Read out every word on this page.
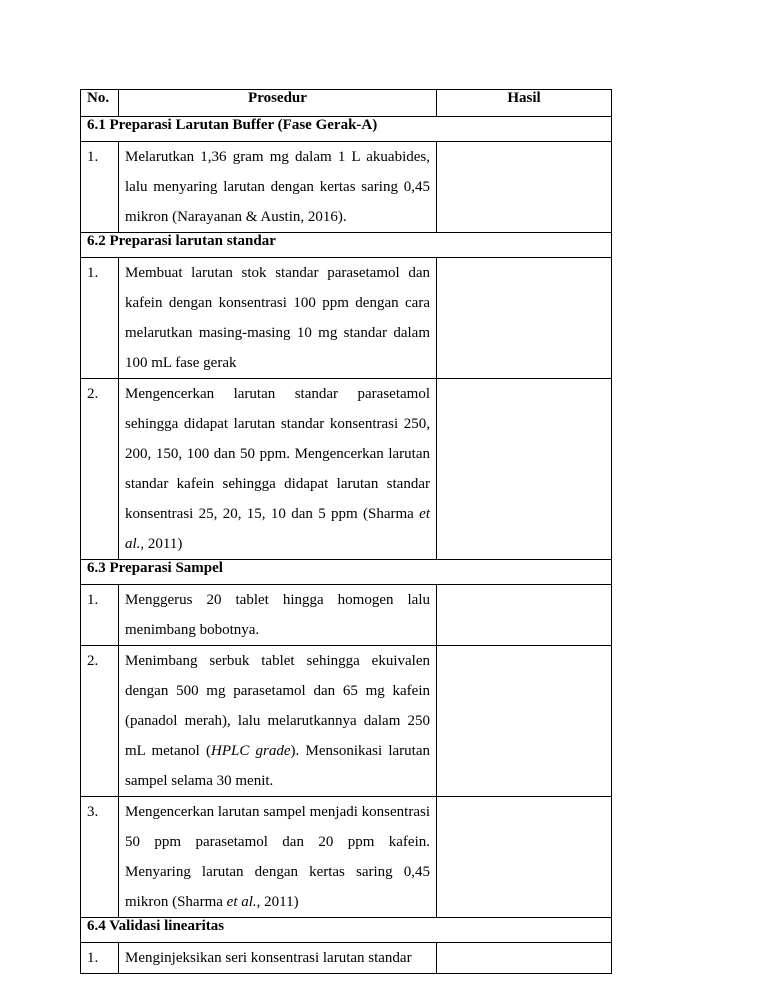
No.	Prosedur	Hasil
6.1 Preparasi Larutan Buffer (Fase Gerak-A)		
1.	Melarutkan 1,36 gram mg dalam 1 L akuabides, lalu menyaring larutan dengan kertas saring 0,45 mikron (Narayanan & Austin, 2016).	
6.2 Preparasi larutan standar		
1.	Membuat larutan stok standar parasetamol dan kafein dengan konsentrasi 100 ppm dengan cara melarutkan masing-masing 10 mg standar dalam 100 mL fase gerak	
2.	Mengencerkan larutan standar parasetamol sehingga didapat larutan standar konsentrasi 250, 200, 150, 100 dan 50 ppm. Mengencerkan larutan standar kafein sehingga didapat larutan standar konsentrasi 25, 20, 15, 10 dan 5 ppm (Sharma et al., 2011)	
6.3 Preparasi Sampel		
1.	Menggerus 20 tablet hingga homogen lalu menimbang bobotnya.	
2.	Menimbang serbuk tablet sehingga ekuivalen dengan 500 mg parasetamol dan 65 mg kafein (panadol merah), lalu melarutkannya dalam 250 mL metanol (HPLC grade). Mensonikasi larutan sampel selama 30 menit.	
3.	Mengencerkan larutan sampel menjadi konsentrasi 50 ppm parasetamol dan 20 ppm kafein. Menyaring larutan dengan kertas saring 0,45 mikron (Sharma et al., 2011)	
6.4 Validasi linearitas		
1.	Menginjeksikan seri konsentrasi larutan standar	
